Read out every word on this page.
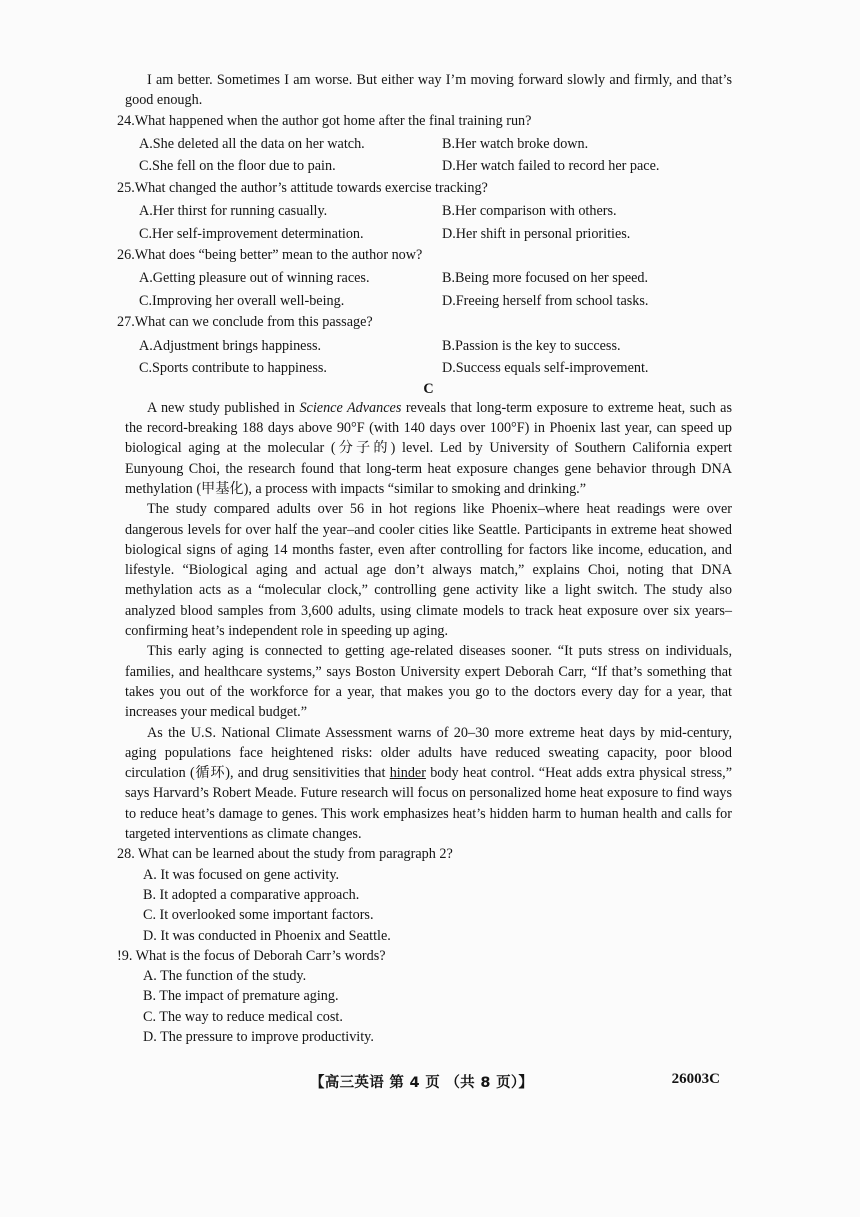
I am better. Sometimes I am worse. But either way I’m moving forward slowly and firmly, and that’s good enough.

24.What happened when the author got home after the final training run?
A.She deleted all the data on her watch.	B.Her watch broke down.
C.She fell on the floor due to pain.	D.Her watch failed to record her pace.
25.What changed the author’s attitude towards exercise tracking?
A.Her thirst for running casually.	B.Her comparison with others.
C.Her self-improvement determination.	D.Her shift in personal priorities.
26.What does “being better” mean to the author now?
A.Getting pleasure out of winning races.	B.Being more focused on her speed.
C.Improving her overall well-being.	D.Freeing herself from school tasks.
27.What can we conclude from this passage?
A.Adjustment brings happiness.	B.Passion is the key to success.
C.Sports contribute to happiness.	D.Success equals self-improvement.

C

A new study published in Science Advances reveals that long-term exposure to extreme heat, such as the record-breaking 188 days above 90°F (with 140 days over 100°F) in Phoenix last year, can speed up biological aging at the molecular (分子的) level. Led by University of Southern California expert Eunyoung Choi, the research found that long-term heat exposure changes gene behavior through DNA methylation (甲基化), a process with impacts “similar to smoking and drinking.”

The study compared adults over 56 in hot regions like Phoenix–where heat readings were over dangerous levels for over half the year–and cooler cities like Seattle. Participants in extreme heat showed biological signs of aging 14 months faster, even after controlling for factors like income, education, and lifestyle. “Biological aging and actual age don’t always match,” explains Choi, noting that DNA methylation acts as a “molecular clock,” controlling gene activity like a light switch. The study also analyzed blood samples from 3,600 adults, using climate models to track heat exposure over six years–confirming heat’s independent role in speeding up aging.

This early aging is connected to getting age-related diseases sooner. “It puts stress on individuals, families, and healthcare systems,” says Boston University expert Deborah Carr, “If that’s something that takes you out of the workforce for a year, that makes you go to the doctors every day for a year, that increases your medical budget.”

As the U.S. National Climate Assessment warns of 20–30 more extreme heat days by mid-century, aging populations face heightened risks: older adults have reduced sweating capacity, poor blood circulation (循环), and drug sensitivities that hinder body heat control. “Heat adds extra physical stress,” says Harvard’s Robert Meade. Future research will focus on personalized home heat exposure to find ways to reduce heat’s damage to genes. This work emphasizes heat’s hidden harm to human health and calls for targeted interventions as climate changes.

28. What can be learned about the study from paragraph 2?
A. It was focused on gene activity.
B. It adopted a comparative approach.
C. It overlooked some important factors.
D. It was conducted in Phoenix and Seattle.
!9. What is the focus of Deborah Carr’s words?
A. The function of the study.
B. The impact of premature aging.
C. The way to reduce medical cost.
D. The pressure to improve productivity.
【高三英语 第 4 页 （共 8 页）】	26003C
